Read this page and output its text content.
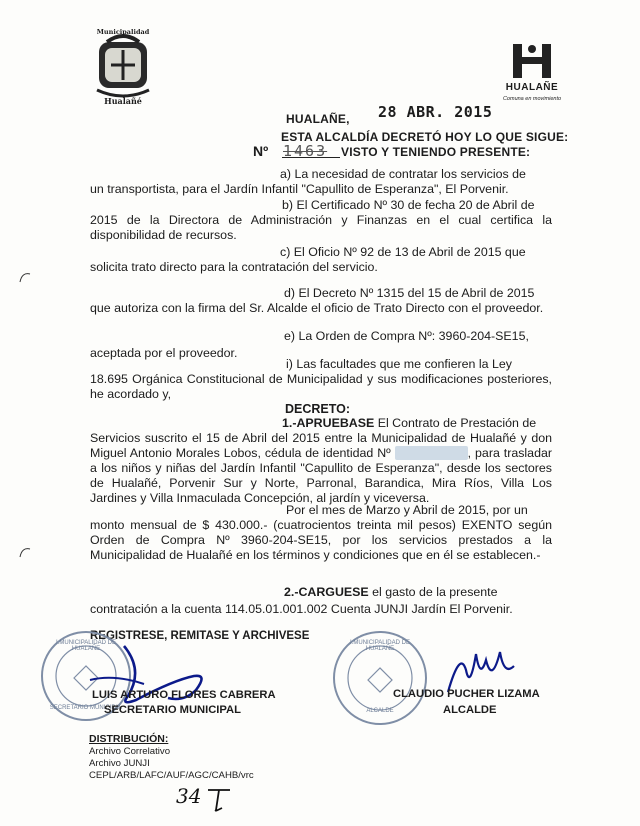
Municipalidad
Hualañé
HUALAÑE
Comuna en movimiento
HUALAÑE, 28 ABR. 2015
ESTA ALCALDÍA DECRETÓ HOY LO QUE SIGUE:
Nº 1463 VISTO Y TENIENDO PRESENTE:
a) La necesidad de contratar los servicios de
un transportista, para el Jardín Infantil "Capullito de Esperanza", El Porvenir.
b) El Certificado Nº 30 de fecha 20 de Abril de
2015 de la Directora de Administración y Finanzas en el cual certifica la disponibilidad de recursos.
c) El Oficio Nº 92 de 13 de Abril de 2015 que
solicita trato directo para la contratación del servicio.
d) El Decreto Nº 1315 del 15 de Abril de 2015
que autoriza con la firma del Sr. Alcalde el oficio de Trato Directo con el proveedor.
e) La Orden de Compra Nº: 3960-204-SE15,
aceptada por el proveedor.
i) Las facultades que me confieren la Ley
18.695 Orgánica Constitucional de Municipalidad y sus modificaciones posteriores, he acordado y,
DECRETO:
1.-APRUEBASE El Contrato de Prestación de
Servicios suscrito el 15 de Abril del 2015 entre la Municipalidad de Hualañé y don Miguel Antonio Morales Lobos, cédula de identidad Nº	, para trasladar a los niños y niñas del Jardín Infantil "Capullito de Esperanza", desde los sectores de Hualañé, Porvenir Sur y Norte, Parronal, Barandica, Mira Ríos, Villa Los Jardines y Villa Inmaculada Concepción, al jardín y viceversa.
Por el mes de Marzo y Abril de 2015, por un
monto mensual de $ 430.000.- (cuatrocientos treinta mil pesos) EXENTO según Orden de Compra Nº 3960-204-SE15, por los servicios prestados a la Municipalidad de Hualañé en los términos y condiciones que en él se establecen.-
2.-CARGUESE el gasto de la presente
contratación a la cuenta 114.05.01.001.002 Cuenta JUNJI Jardín El Porvenir.
REGISTRESE, REMITASE Y ARCHIVESE
I.MUNICIPALIDAD DE HUALAÑE
SECRETARIO MUNICIPAL
LUIS ARTURO FLORES CABRERA
SECRETARIO MUNICIPAL
I.MUNICIPALIDAD DE HUALAÑE
ALCALDE
CLAUDIO PUCHER LIZAMA
ALCALDE
DISTRIBUCIÓN:
Archivo Correlativo
Archivo JUNJI
CEPL/ARB/LAFC/AUF/AGC/CAHB/vrc
34
